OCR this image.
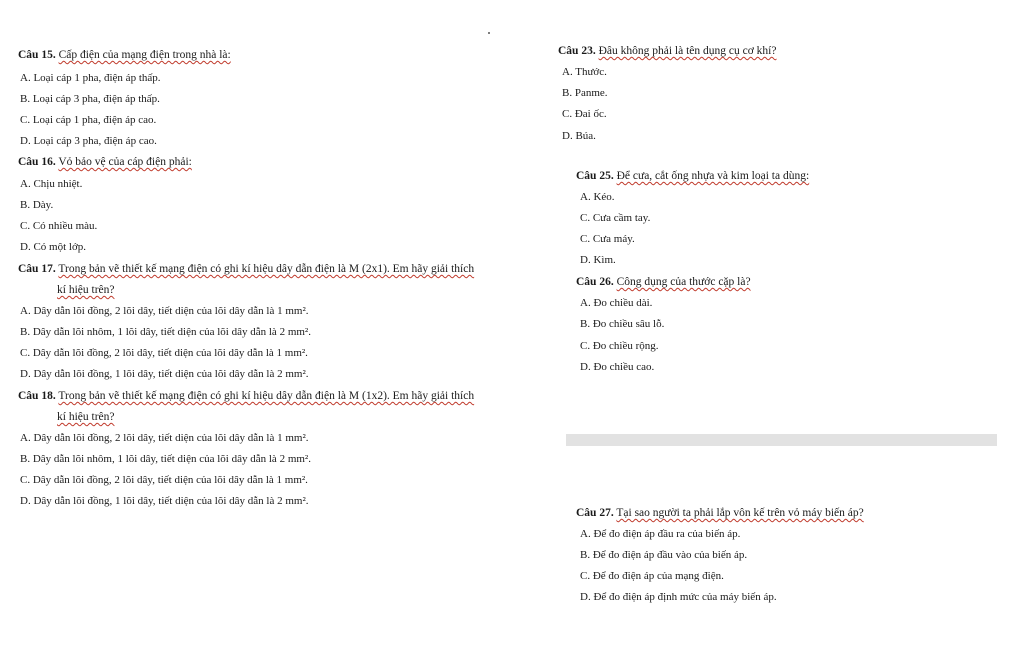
Câu 15. Cấp điện của mạng điện trong nhà là:
A. Loại cáp 1 pha, điện áp thấp.
B. Loại cáp 3 pha, điện áp thấp.
C. Loại cáp 1 pha, điện áp cao.
D. Loại cáp 3 pha, điện áp cao.
Câu 16. Vỏ bảo vệ của cáp điện phải:
A. Chịu nhiệt.
B. Dày.
C. Có nhiều màu.
D. Có một lớp.
Câu 17. Trong bản vẽ thiết kế mạng điện có ghi kí hiệu dây dẫn điện là M (2x1). Em hãy giải thích
kí hiệu trên?
A. Dây dẫn lõi đồng, 2 lõi dây, tiết diện của lõi dây dẫn là 1 mm².
B. Dây dẫn lõi nhôm, 1 lõi dây, tiết diện của lõi dây dẫn là 2 mm².
C. Dây dẫn lõi đồng, 2 lõi dây, tiết diện của lõi dây dẫn là 1 mm².
D. Dây dẫn lõi đồng, 1 lõi dây, tiết diện của lõi dây dẫn là 2 mm².
Câu 18. Trong bản vẽ thiết kế mạng điện có ghi kí hiệu dây dẫn điện là M (1x2). Em hãy giải thích
kí hiệu trên?
A. Dây dẫn lõi đồng, 2 lõi dây, tiết diện của lõi dây dẫn là 1 mm².
B. Dây dẫn lõi nhôm, 1 lõi dây, tiết diện của lõi dây dẫn là 2 mm².
C. Dây dẫn lõi đồng, 2 lõi dây, tiết diện của lõi dây dẫn là 1 mm².
D. Dây dẫn lõi đồng, 1 lõi dây, tiết diện của lõi dây dẫn là 2 mm².
Câu 23. Đâu không phải là tên dụng cụ cơ khí?
A. Thước.
B. Panme.
C. Đai ốc.
D. Búa.
Câu 25. Để cưa, cắt ống nhựa và kim loại ta dùng:
A. Kéo.
C. Cưa cầm tay.
C. Cưa máy.
D. Kìm.
Câu 26. Công dụng của thước cặp là?
A. Đo chiều dài.
B. Đo chiều sâu lỗ.
C. Đo chiều rộng.
D. Đo chiều cao.
Câu 27. Tại sao người ta phải lắp vôn kế trên vỏ máy biến áp?
A. Để đo điện áp đầu ra của biến áp.
B. Để đo điện áp đầu vào của biến áp.
C. Để đo điện áp của mạng điện.
D. Để đo điện áp định mức của máy biến áp.
